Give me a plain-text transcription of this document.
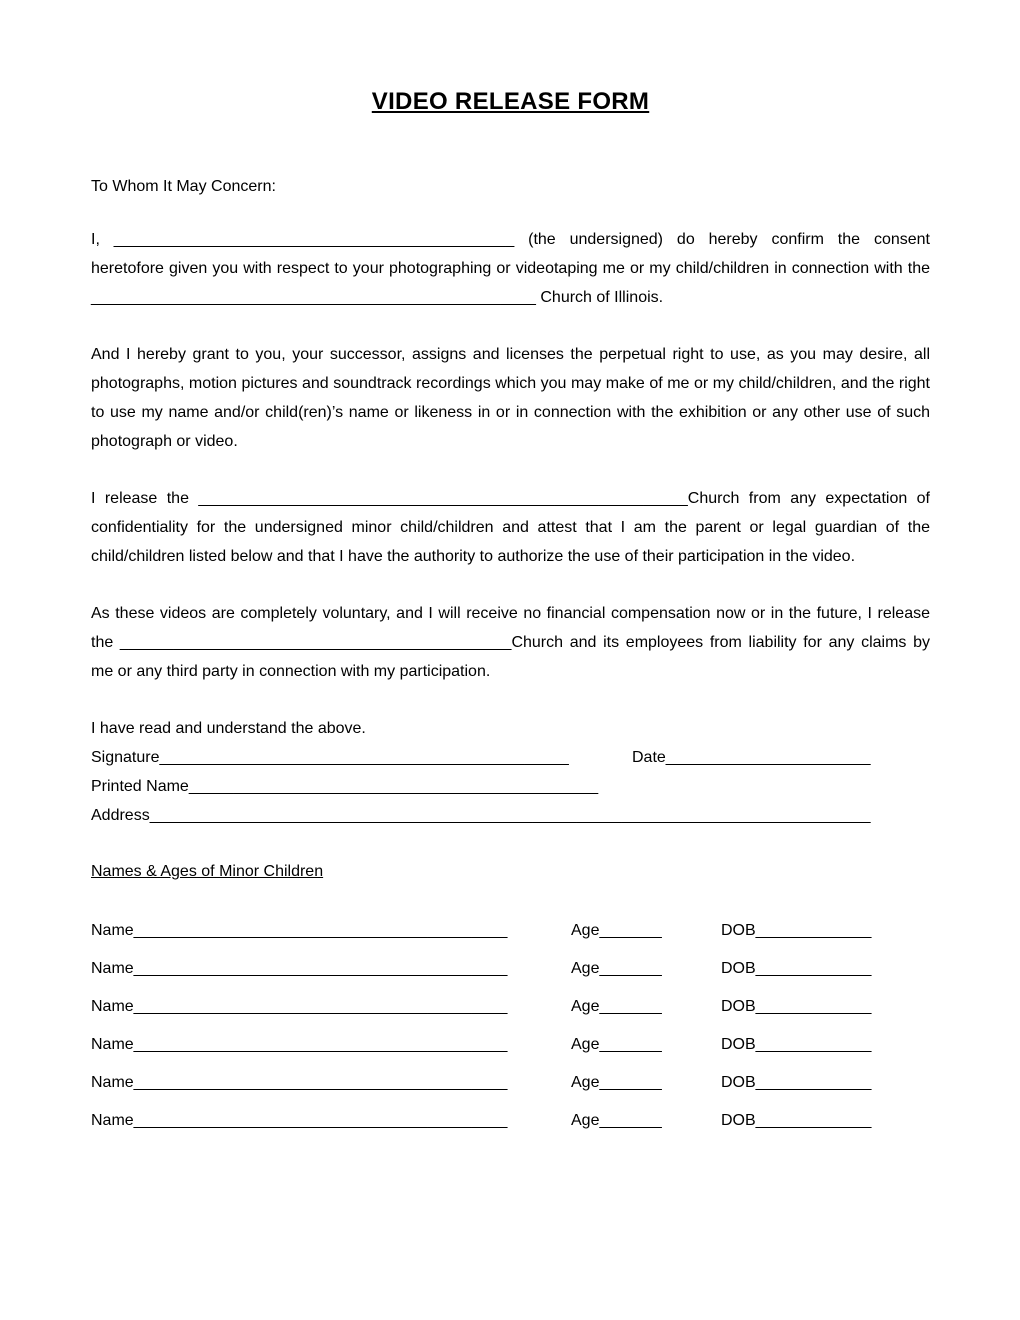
VIDEO RELEASE FORM

To Whom It May Concern:

I, _____________________________________________ (the undersigned) do hereby confirm the consent heretofore given you with respect to your photographing or videotaping me or my child/children in connection with the __________________________________________________ Church of Illinois.

And I hereby grant to you, your successor, assigns and licenses the perpetual right to use, as you may desire, all photographs, motion pictures and soundtrack recordings which you may make of me or my child/children, and the right to use my name and/or child(ren)’s name or likeness in or in connection with the exhibition or any other use of such photograph or video.

I release the _______________________________________________________Church from any expectation of confidentiality for the undersigned minor child/children and attest that I am the parent or legal guardian of the child/children listed below and that I have the authority to authorize the use of their participation in the video.

As these videos are completely voluntary, and I will receive no financial compensation now or in the future, I release the ____________________________________________Church and its employees from liability for any claims by me or any third party in connection with my participation.

I have read and understand the above.

Signature______________________________________________	Date_______________________

Printed Name______________________________________________

Address_________________________________________________________________________________

Names & Ages of Minor Children
Name__________________________________________	Age_______	DOB_____________
Name__________________________________________	Age_______	DOB_____________
Name__________________________________________	Age_______	DOB_____________
Name__________________________________________	Age_______	DOB_____________
Name__________________________________________	Age_______	DOB_____________
Name__________________________________________	Age_______	DOB_____________
